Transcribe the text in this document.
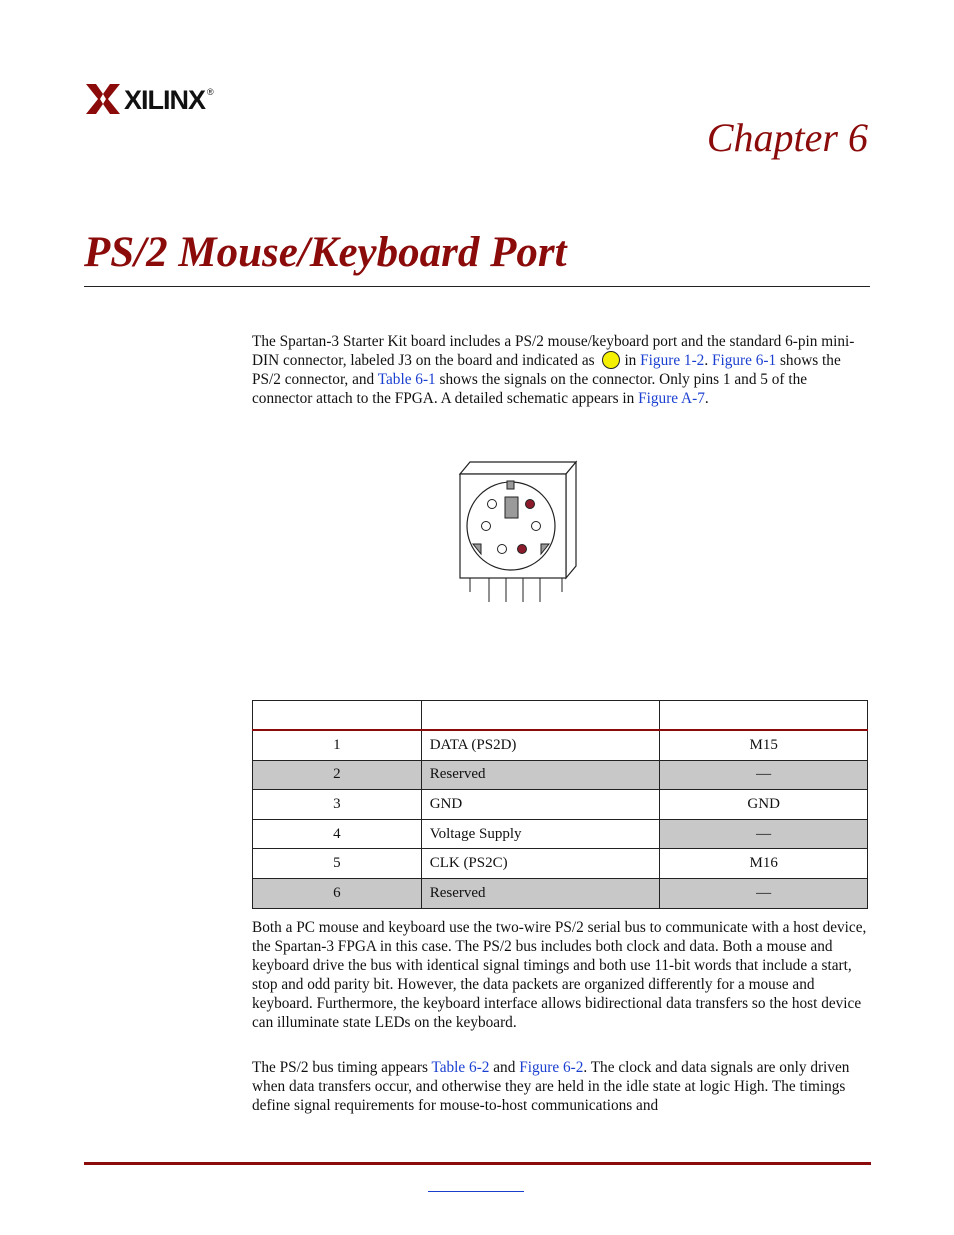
XILINX ®
Chapter 6
PS/2 Mouse/Keyboard Port
The Spartan-3 Starter Kit board includes a PS/2 mouse/keyboard port and the standard 6-pin mini-DIN connector, labeled J3 on the board and indicated as in Figure 1-2. Figure 6-1 shows the PS/2 connector, and Table 6-1 shows the signals on the connector. Only pins 1 and 5 of the connector attach to the FPGA. A detailed schematic appears in Figure A-7.

1	DATA (PS2D)	M15
2	Reserved	—
3	GND	GND
4	Voltage Supply	—
5	CLK (PS2C)	M16
6	Reserved	—

Both a PC mouse and keyboard use the two-wire PS/2 serial bus to communicate with a host device, the Spartan-3 FPGA in this case. The PS/2 bus includes both clock and data. Both a mouse and keyboard drive the bus with identical signal timings and both use 11-bit words that include a start, stop and odd parity bit. However, the data packets are organized differently for a mouse and keyboard. Furthermore, the keyboard interface allows bidirectional data transfers so the host device can illuminate state LEDs on the keyboard.

The PS/2 bus timing appears Table 6-2 and Figure 6-2. The clock and data signals are only driven when data transfers occur, and otherwise they are held in the idle state at logic High. The timings define signal requirements for mouse-to-host communications and
